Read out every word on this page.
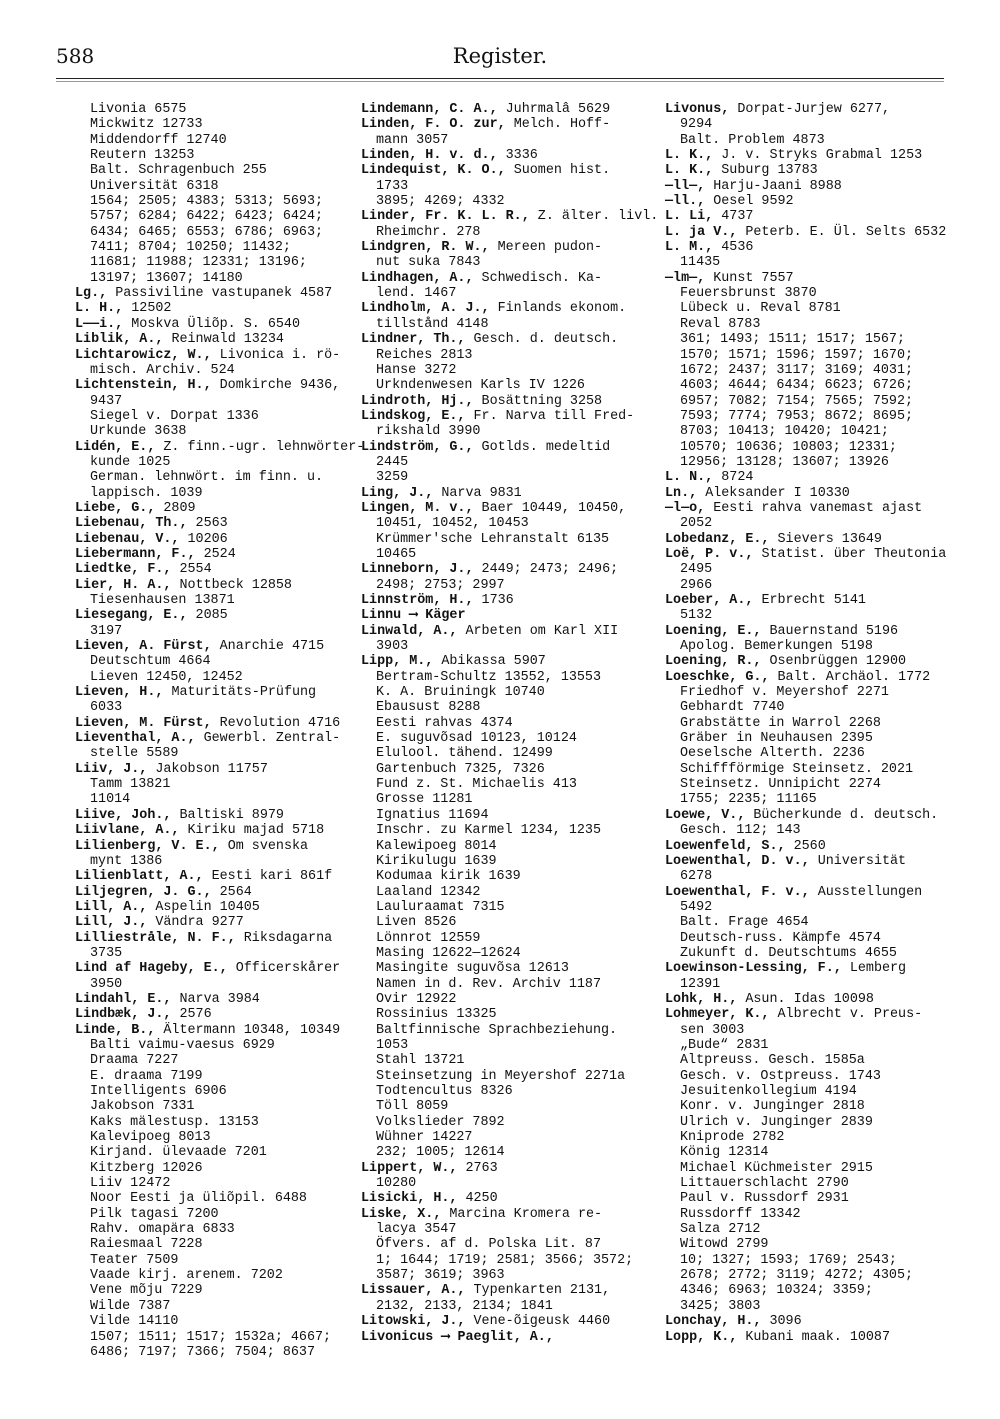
588	Register.
Livonia 6575
Mickwitz 12733
Middendorff 12740
Reutern 13253
Balt. Schragenbuch 255
Universität 6318
1564; 2505; 4383; 5313; 5693;
5757; 6284; 6422; 6423; 6424;
6434; 6465; 6553; 6786; 6963;
7411; 8704; 10250; 11432;
11681; 11988; 12331; 13196;
13197; 13607; 14180
Lg., Passiviline vastupanek 4587
L. H., 12502
L——i., Moskva Üliõp. S. 6540
Liblik, A., Reinwald 13234
Lichtarowicz, W., Livonica i. rö-
misch. Archiv. 524
Lichtenstein, H., Domkirche 9436,
9437
Siegel v. Dorpat 1336
Urkunde 3638
Lidén, E., Z. finn.-ugr. lehnwörter-
kunde 1025
German. lehnwört. im finn. u.
lappisch. 1039
Liebe, G., 2809
Liebenau, Th., 2563
Liebenau, V., 10206
Liebermann, F., 2524
Liedtke, F., 2554
Lier, H. A., Nottbeck 12858
Tiesenhausen 13871
Liesegang, E., 2085
3197
Lieven, A. Fürst, Anarchie 4715
Deutschtum 4664
Lieven 12450, 12452
Lieven, H., Maturitäts-Prüfung
6033
Lieven, M. Fürst, Revolution 4716
Lieventhal, A., Gewerbl. Zentral-
stelle 5589
Liiv, J., Jakobson 11757
Tamm 13821
11014
Liive, Joh., Baltiski 8979
Liivlane, A., Kiriku majad 5718
Lilienberg, V. E., Om svenska
mynt 1386
Lilienblatt, A., Eesti kari 861f
Liljegren, J. G., 2564
Lill, A., Aspelin 10405
Lill, J., Vändra 9277
Lilliestråle, N. F., Riksdagarna
3735
Lind af Hageby, E., Officerskårer
3950
Lindahl, E., Narva 3984
Lindbæk, J., 2576
Linde, B., Ältermann 10348, 10349
Balti vaimu-vaesus 6929
Draama 7227
E. draama 7199
Intelligents 6906
Jakobson 7331
Kaks mälestusp. 13153
Kalevipoeg 8013
Kirjand. ülevaade 7201
Kitzberg 12026
Liiv 12472
Noor Eesti ja üliõpil. 6488
Pilk tagasi 7200
Rahv. omapära 6833
Raiesmaal 7228
Teater 7509
Vaade kirj. arenem. 7202
Vene mõju 7229
Wilde 7387
Vilde 14110
1507; 1511; 1517; 1532a; 4667;
6486; 7197; 7366; 7504; 8637
Lindemann, C. A., Juhrmalâ 5629
Linden, F. O. zur, Melch. Hoff-
mann 3057
Linden, H. v. d., 3336
Lindequist, K. O., Suomen hist.
1733
3895; 4269; 4332
Linder, Fr. K. L. R., Z. älter. livl.
Rheimchr. 278
Lindgren, R. W., Mereen pudon-
nut suka 7843
Lindhagen, A., Schwedisch. Ka-
lend. 1467
Lindholm, A. J., Finlands ekonom.
tillstånd 4148
Lindner, Th., Gesch. d. deutsch.
Reiches 2813
Hanse 3272
Urkndenwesen Karls IV 1226
Lindroth, Hj., Bosättning 3258
Lindskog, E., Fr. Narva till Fred-
rikshald 3990
Lindström, G., Gotlds. medeltid
2445
3259
Ling, J., Narva 9831
Lingen, M. v., Baer 10449, 10450,
10451, 10452, 10453
Krümmer'sche Lehranstalt 6135
10465
Linneborn, J., 2449; 2473; 2496;
2498; 2753; 2997
Linnström, H., 1736
Linnu ⟶ Käger
Linwald, A., Arbeten om Karl XII
3903
Lipp, M., Abikassa 5907
Bertram-Schultz 13552, 13553
K. A. Bruiningk 10740
Ebausust 8288
Eesti rahvas 4374
E. suguvõsad 10123, 10124
Elulool. tähend. 12499
Gartenbuch 7325, 7326
Fund z. St. Michaelis 413
Grosse 11281
Ignatius 11694
Inschr. zu Karmel 1234, 1235
Kalewipoeg 8014
Kirikulugu 1639
Kodumaa kirik 1639
Laaland 12342
Lauluraamat 7315
Liven 8526
Lönnrot 12559
Masing 12622—12624
Masingite suguvõsa 12613
Namen in d. Rev. Archiv 1187
Ovir 12922
Rossinius 13325
Baltfinnische Sprachbeziehung.
1053
Stahl 13721
Steinsetzung in Meyershof 2271a
Todtencultus 8326
Töll 8059
Volkslieder 7892
Wühner 14227
232; 1005; 12614
Lippert, W., 2763
10280
Lisicki, H., 4250
Liske, X., Marcina Kromera re-
lacya 3547
Öfvers. af d. Polska Lit. 87
1; 1644; 1719; 2581; 3566; 3572;
3587; 3619; 3963
Lissauer, A., Typenkarten 2131,
2132, 2133, 2134; 1841
Litowski, J., Vene-õigeusk 4460
Livonicus ⟶ Paeglit, A.,
Livonus, Dorpat-Jurjew 6277,
9294
Balt. Problem 4873
L. K., J. v. Stryks Grabmal 1253
L. K., Suburg 13783
—ll—, Harju-Jaani 8988
—ll., Oesel 9592
L. Li, 4737
L. ja V., Peterb. E. Ül. Selts 6532
L. M., 4536
11435
—lm—, Kunst 7557
Feuersbrunst 3870
Lübeck u. Reval 8781
Reval 8783
361; 1493; 1511; 1517; 1567;
1570; 1571; 1596; 1597; 1670;
1672; 2437; 3117; 3169; 4031;
4603; 4644; 6434; 6623; 6726;
6957; 7082; 7154; 7565; 7592;
7593; 7774; 7953; 8672; 8695;
8703; 10413; 10420; 10421;
10570; 10636; 10803; 12331;
12956; 13128; 13607; 13926
L. N., 8724
Ln., Aleksander I 10330
—l—o, Eesti rahva vanemast ajast
2052
Lobedanz, E., Sievers 13649
Loë, P. v., Statist. über Theutonia
2495
2966
Loeber, A., Erbrecht 5141
5132
Loening, E., Bauernstand 5196
Apolog. Bemerkungen 5198
Loening, R., Osenbrüggen 12900
Loeschke, G., Balt. Archäol. 1772
Friedhof v. Meyershof 2271
Gebhardt 7740
Grabstätte in Warrol 2268
Gräber in Neuhausen 2395
Oeselsche Alterth. 2236
Schiffförmige Steinsetz. 2021
Steinsetz. Unnipicht 2274
1755; 2235; 11165
Loewe, V., Bücherkunde d. deutsch.
Gesch. 112; 143
Loewenfeld, S., 2560
Loewenthal, D. v., Universität
6278
Loewenthal, F. v., Ausstellungen
5492
Balt. Frage 4654
Deutsch-russ. Kämpfe 4574
Zukunft d. Deutschtums 4655
Loewinson-Lessing, F., Lemberg
12391
Lohk, H., Asun. Idas 10098
Lohmeyer, K., Albrecht v. Preus-
sen 3003
„Bude“ 2831
Altpreuss. Gesch. 1585a
Gesch. v. Ostpreuss. 1743
Jesuitenkollegium 4194
Konr. v. Junginger 2818
Ulrich v. Junginger 2839
Kniprode 2782
König 12314
Michael Küchmeister 2915
Littauerschlacht 2790
Paul v. Russdorf 2931
Russdorff 13342
Salza 2712
Witowd 2799
10; 1327; 1593; 1769; 2543;
2678; 2772; 3119; 4272; 4305;
4346; 6963; 10324; 3359;
3425; 3803
Lonchay, H., 3096
Lopp, K., Kubani maak. 10087
